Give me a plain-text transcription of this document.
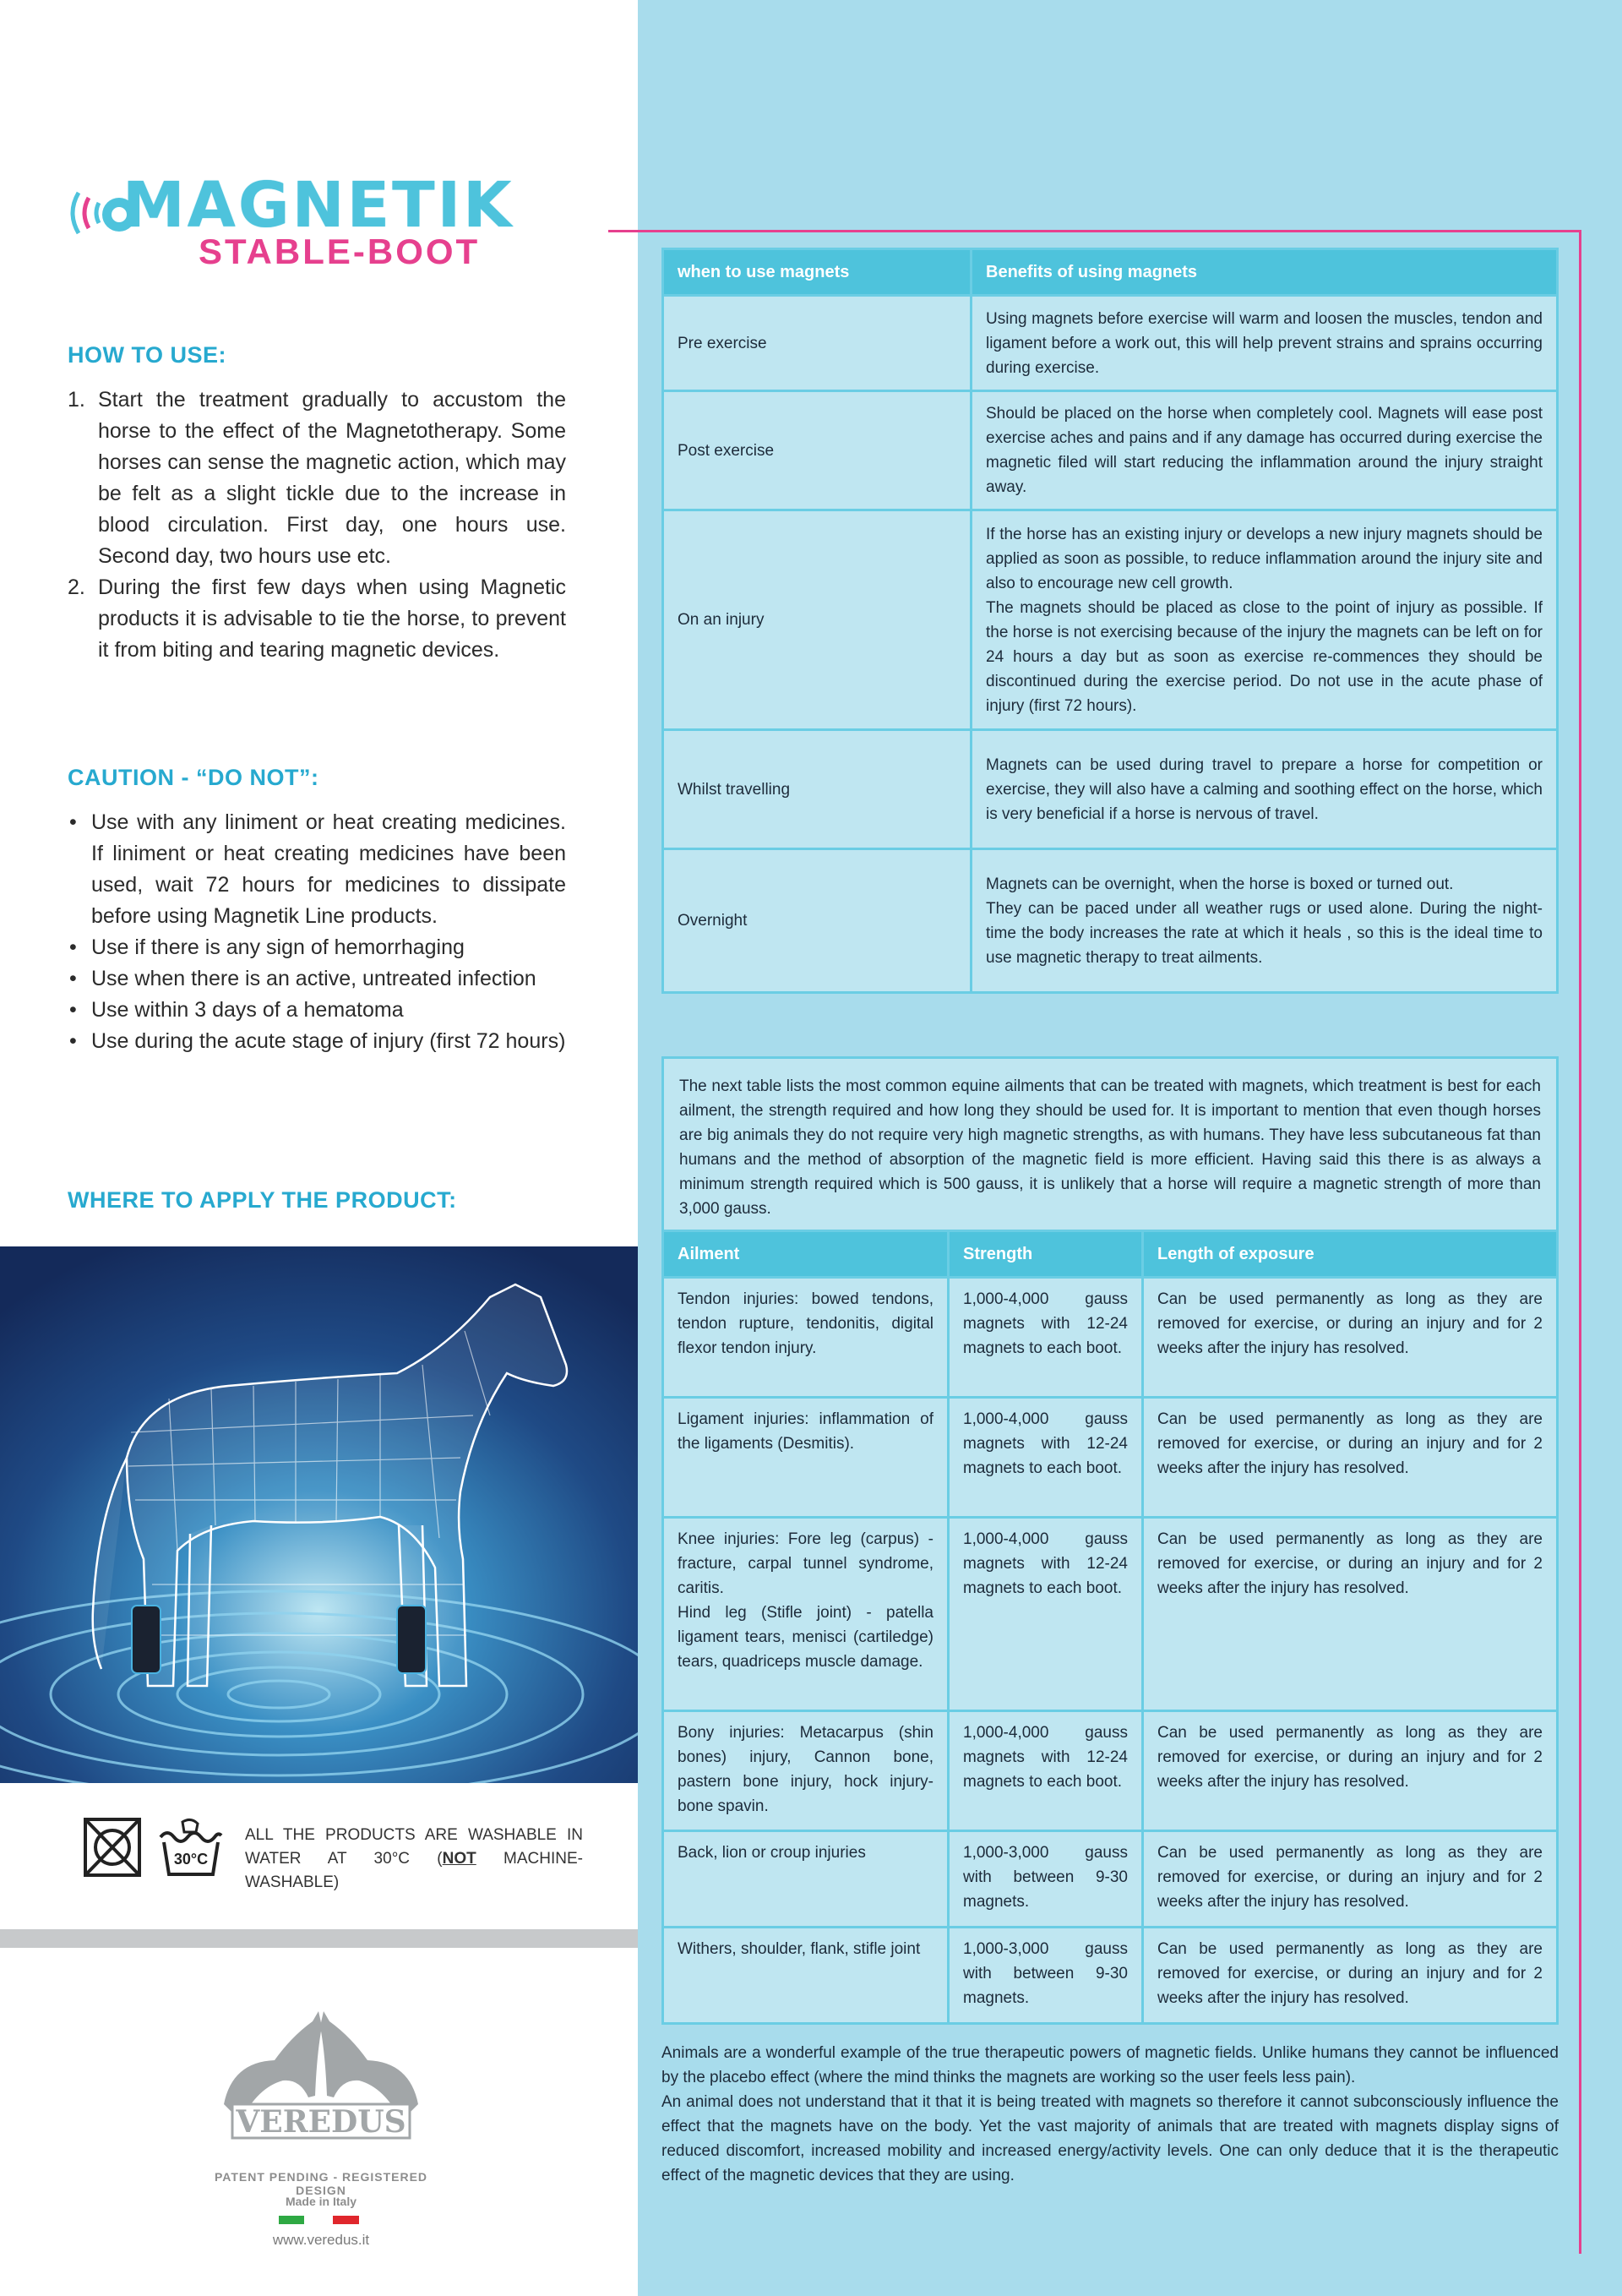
MAGNETIK
STABLE-BOOT
HOW TO USE:
1. Start the treatment gradually to accustom the horse to the effect of the Magnetotherapy. Some horses can sense the magnetic action, which may be felt as a slight tickle due to the increase in blood circulation. First day, one hours use. Second day, two hours use etc.
2. During the first few days when using Magnetic products it is advisable to tie the horse, to prevent it from biting and tearing magnetic devices.
CAUTION - “DO NOT”:
• Use with any liniment or heat creating medicines. If liniment or heat creating medicines have been used, wait 72 hours for medicines to dissipate before using Magnetik Line products.
• Use if there is any sign of hemorrhaging
• Use when there is an active, untreated infection
• Use within 3 days of a hematoma
• Use during the acute stage of injury (first 72 hours)
WHERE TO APPLY THE PRODUCT:
30°C
ALL THE PRODUCTS ARE WASHABLE IN WATER AT 30°C (NOT MACHINE-WASHABLE)
VEREDUS
PATENT PENDING - REGISTERED DESIGN
Made in Italy
www.veredus.it
when to use magnets	Benefits of using magnets
Pre exercise	Using magnets before exercise will warm and loosen the muscles, tendon and ligament before a work out, this will help prevent strains and sprains occurring during exercise.
Post exercise	Should be placed on the horse when completely cool. Magnets will ease post exercise aches and pains and if any damage has occurred during exercise the magnetic filed will start reducing the inflammation around the injury straight away.
On an injury	If the horse has an existing injury or develops a new injury magnets should be applied as soon as possible, to reduce inflammation around the injury site and also to encourage new cell growth.
The magnets should be placed as close to the point of injury as possible. If the horse is not exercising because of the injury the magnets can be left on for 24 hours a day but as soon as exercise re-commences they should be discontinued during the exercise period. Do not use in the acute phase of injury (first 72 hours).

Whilst travelling	Magnets can be used during travel to prepare a horse for competition or exercise, they will also have a calming and soothing effect on the horse, which is very beneficial if a horse is nervous of travel.
Overnight	Magnets can be overnight, when the horse is boxed or turned out.
They can be paced under all weather rugs or used alone. During the night-time the body increases the rate at which it heals , so this is the ideal time to use magnetic therapy to treat ailments.
The next table lists the most common equine ailments that can be treated with magnets, which treatment is best for each ailment, the strength required and how long they should be used for. It is important to mention that even though horses are big animals they do not require very high magnetic strengths, as with humans. They have less subcutaneous fat than humans and the method of absorption of the magnetic field is more efficient. Having said this there is as always a minimum strength required which is 500 gauss, it is unlikely that a horse will require a magnetic strength of more than 3,000 gauss.
Ailment	Strength	Length of exposure
Tendon injuries: bowed tendons, tendon rupture, tendonitis, digital flexor tendon injury.	1,000-4,000 gauss magnets with 12-24 magnets to each boot.	Can be used permanently as long as they are removed for exercise, or during an injury and for 2 weeks after the injury has resolved.
Ligament injuries: inflammation of the ligaments (Desmitis).	1,000-4,000 gauss magnets with 12-24 magnets to each boot.	Can be used permanently as long as they are removed for exercise, or during an injury and for 2 weeks after the injury has resolved.

Knee injuries: Fore leg (carpus) - fracture, carpal tunnel syndrome, caritis.
Hind leg (Stifle joint) - patella ligament tears, menisci (cartiledge) tears, quadriceps muscle damage.	1,000-4,000 gauss magnets with 12-24 magnets to each boot.	Can be used permanently as long as they are removed for exercise, or during an injury and for 2 weeks after the injury has resolved.
Bony injuries: Metacarpus (shin bones) injury, Cannon bone, pastern bone injury, hock injury-bone spavin.	1,000-4,000 gauss magnets with 12-24 magnets to each boot.	Can be used permanently as long as they are removed for exercise, or during an injury and for 2 weeks after the injury has resolved.
Back, lion or croup injuries	1,000-3,000 gauss with between 9-30 magnets.	Can be used permanently as long as they are removed for exercise, or during an injury and for 2 weeks after the injury has resolved.
Withers, shoulder, flank, stifle joint	1,000-3,000 gauss with between 9-30 magnets.	Can be used permanently as long as they are removed for exercise, or during an injury and for 2 weeks after the injury has resolved.
Animals are a wonderful example of the true therapeutic powers of magnetic fields. Unlike humans they cannot be influenced by the placebo effect (where the mind thinks the magnets are working so the user feels less pain).
An animal does not understand that it that it is being treated with magnets so therefore it cannot subconsciously influence the effect that the magnets have on the body. Yet the vast majority of animals that are treated with magnets display signs of reduced discomfort, increased mobility and increased energy/activity levels. One can only deduce that it is the therapeutic effect of the magnetic devices that they are using.
